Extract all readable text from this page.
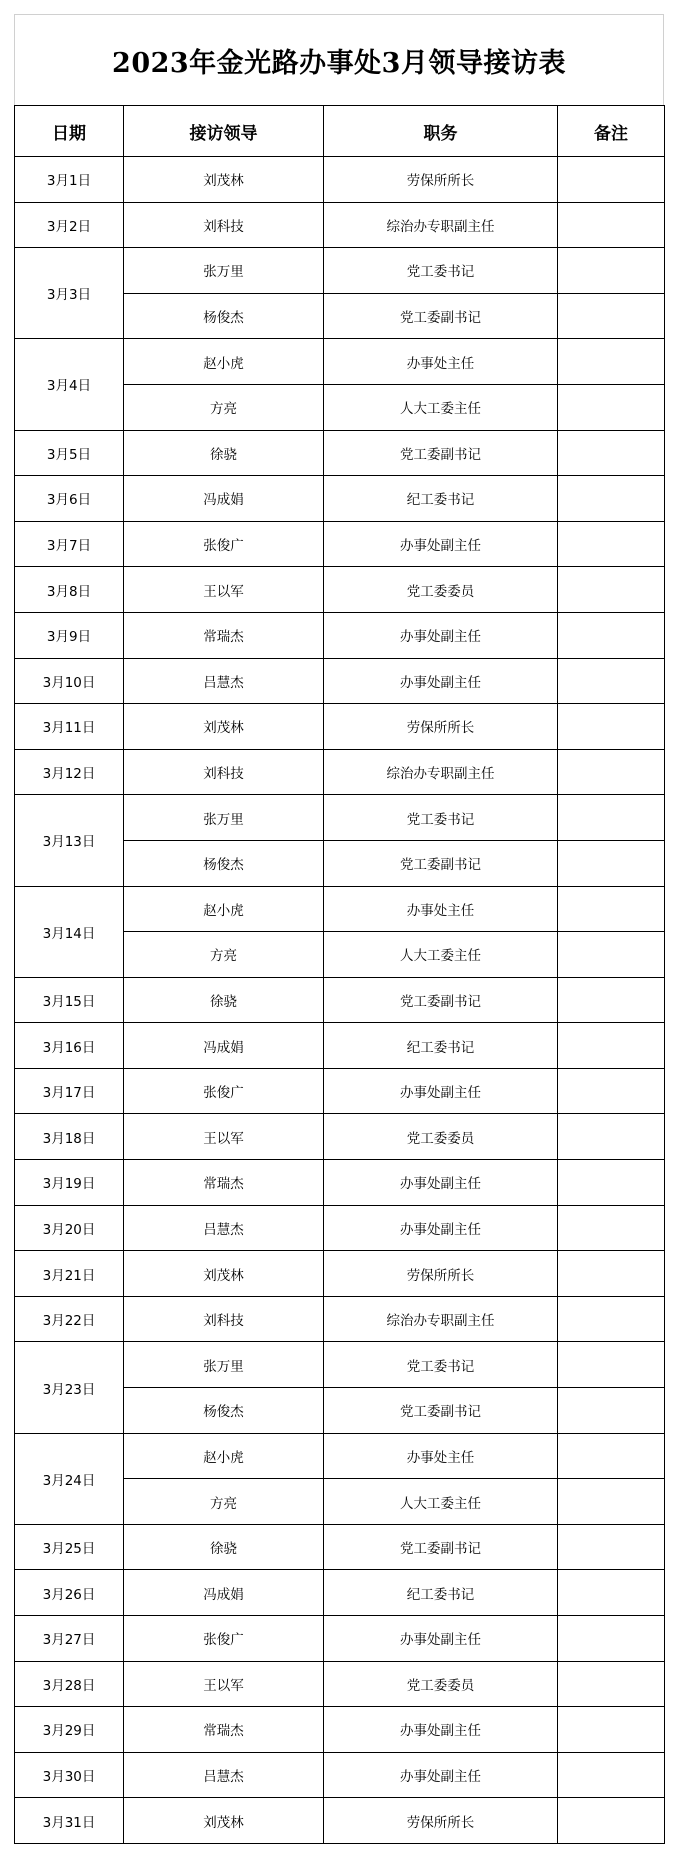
2023年金光路办事处3月领导接访表
日期	接访领导	职务	备注
3月1日	刘茂林	劳保所所长	
3月2日	刘科技	综治办专职副主任	
3月3日	张万里	党工委书记	
	杨俊杰	党工委副书记	
3月4日	赵小虎	办事处主任	
	方亮	人大工委主任	
3月5日	徐骁	党工委副书记	
3月6日	冯成娟	纪工委书记	
3月7日	张俊广	办事处副主任	
3月8日	王以军	党工委委员	
3月9日	常瑞杰	办事处副主任	
3月10日	吕慧杰	办事处副主任	
3月11日	刘茂林	劳保所所长	
3月12日	刘科技	综治办专职副主任	
3月13日	张万里	党工委书记	
	杨俊杰	党工委副书记	
3月14日	赵小虎	办事处主任	
	方亮	人大工委主任	
3月15日	徐骁	党工委副书记	
3月16日	冯成娟	纪工委书记	
3月17日	张俊广	办事处副主任	
3月18日	王以军	党工委委员	
3月19日	常瑞杰	办事处副主任	
3月20日	吕慧杰	办事处副主任	
3月21日	刘茂林	劳保所所长	
3月22日	刘科技	综治办专职副主任	
3月23日	张万里	党工委书记	
	杨俊杰	党工委副书记	
3月24日	赵小虎	办事处主任	
	方亮	人大工委主任	
3月25日	徐骁	党工委副书记	
3月26日	冯成娟	纪工委书记	
3月27日	张俊广	办事处副主任	
3月28日	王以军	党工委委员	
3月29日	常瑞杰	办事处副主任	
3月30日	吕慧杰	办事处副主任	
3月31日	刘茂林	劳保所所长	
